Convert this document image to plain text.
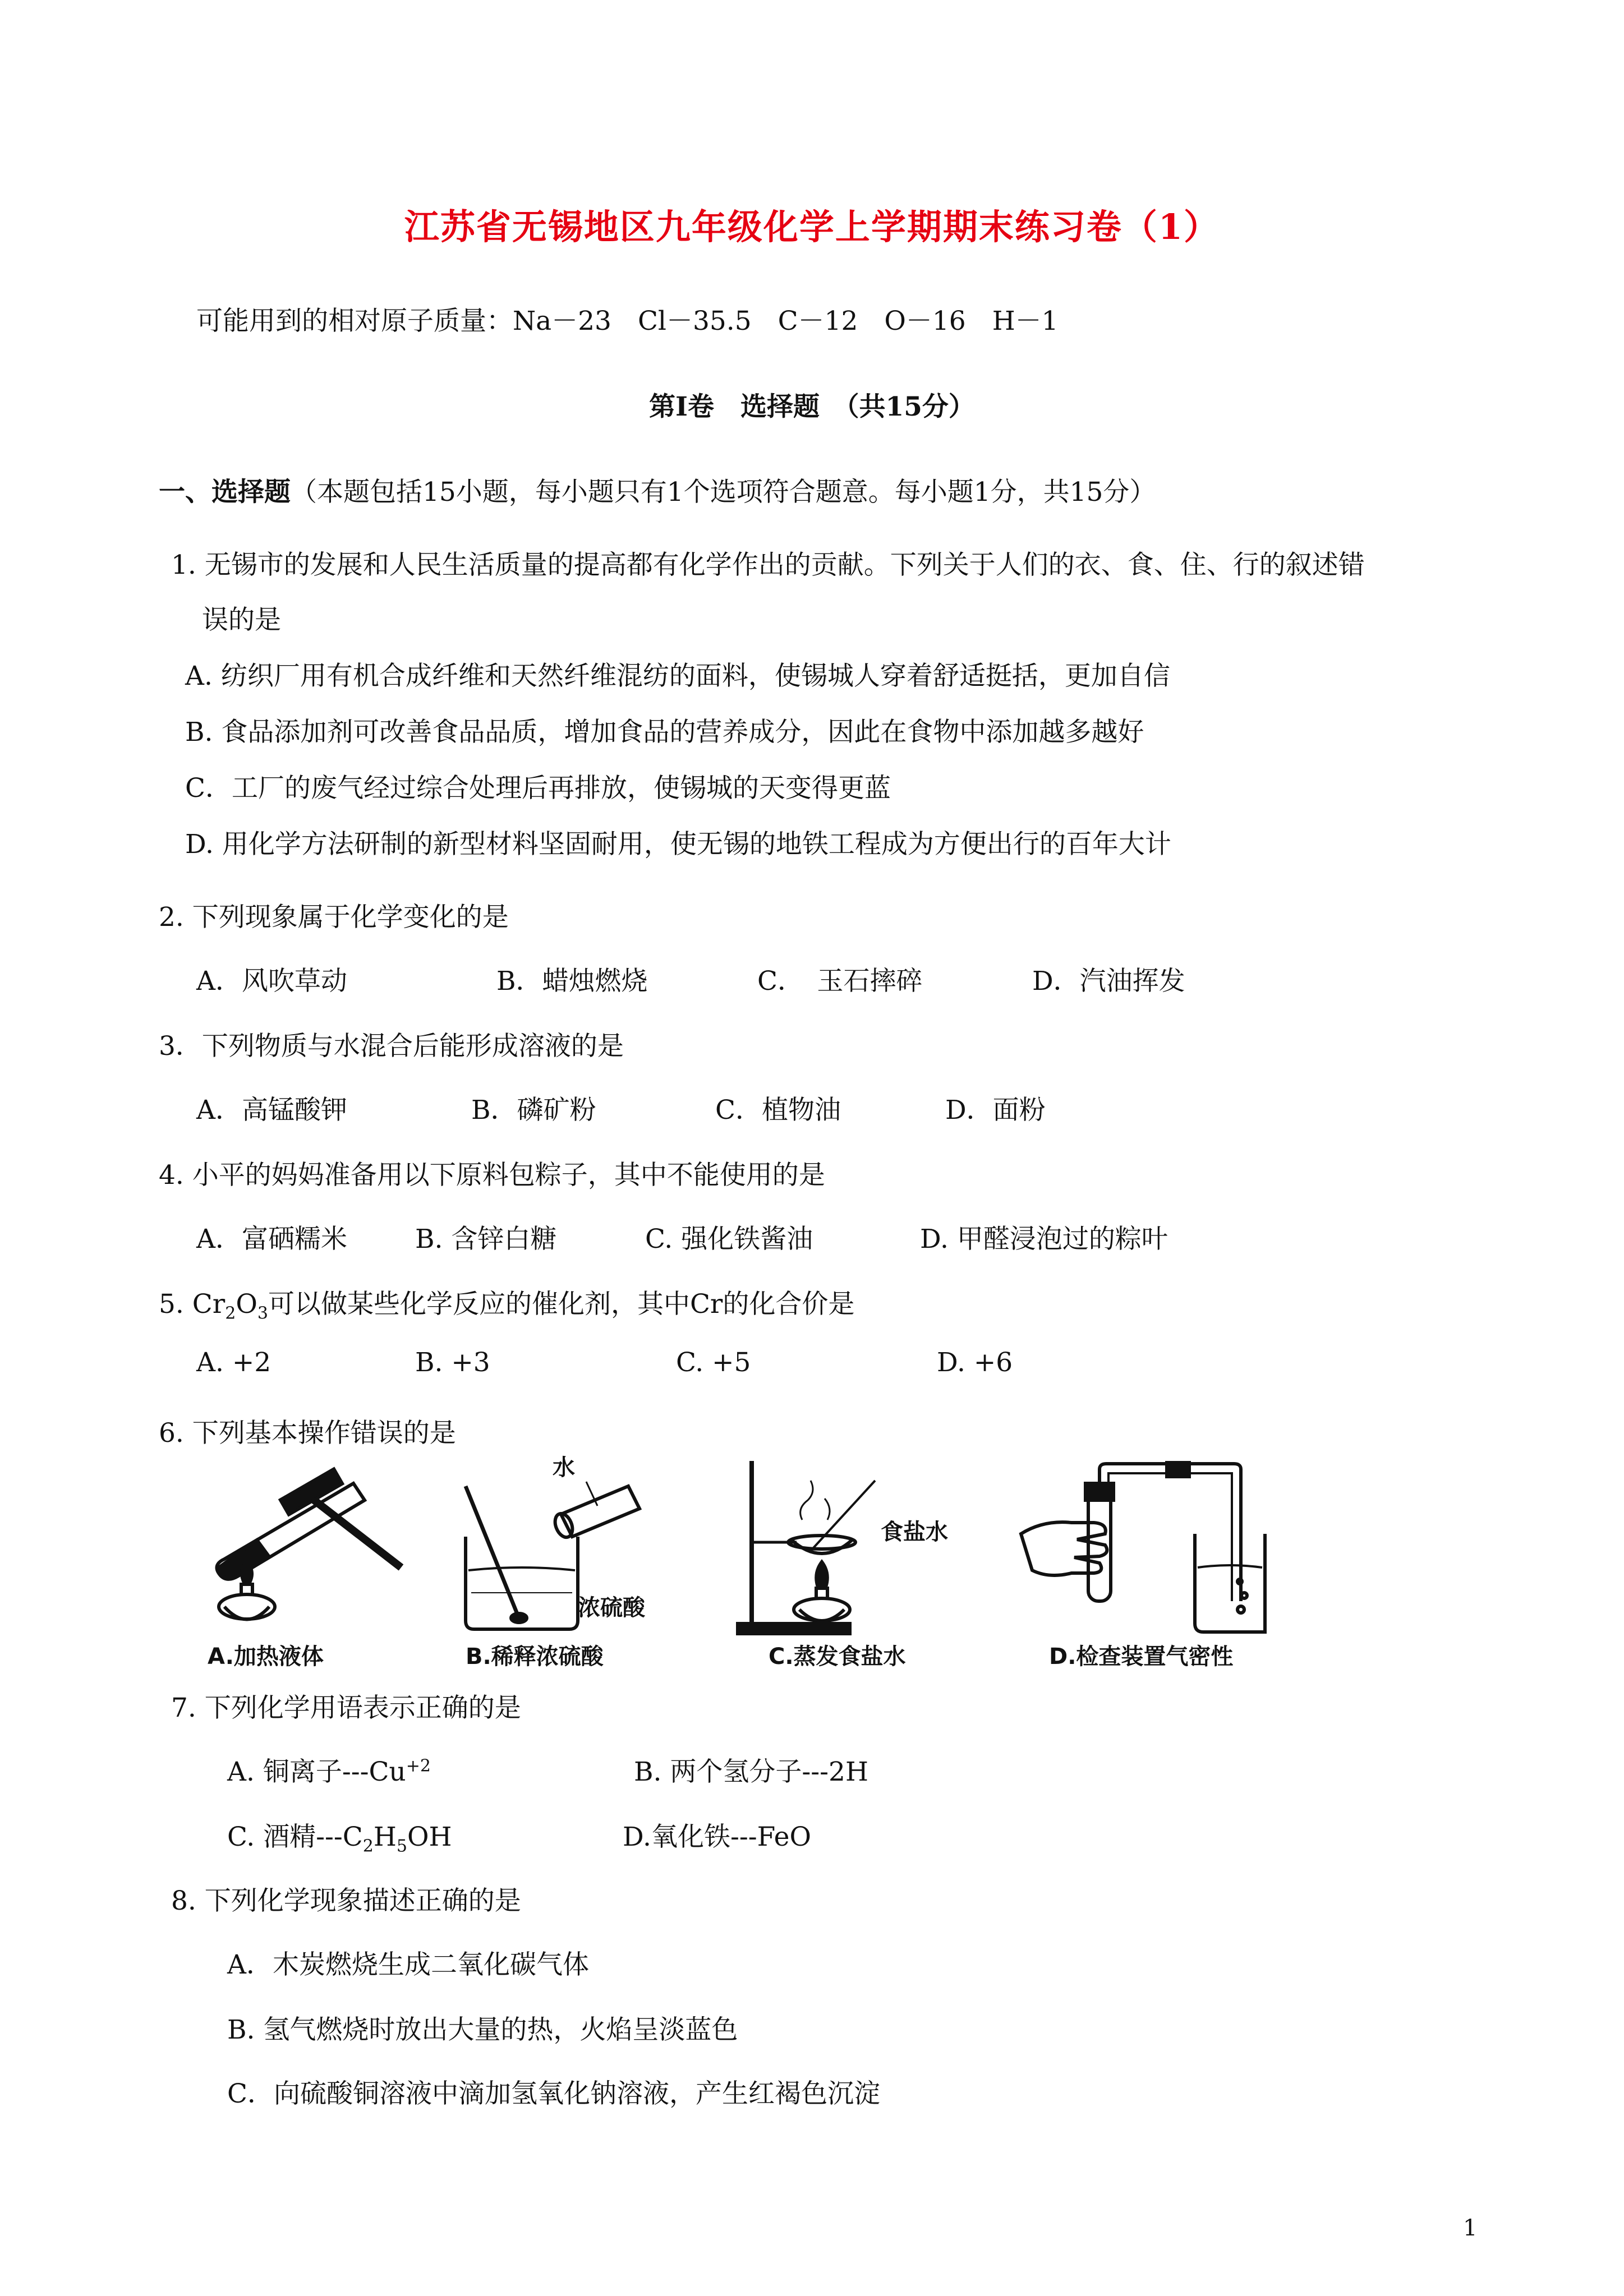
江苏省无锡地区九年级化学上学期期末练习卷（1）
可能用到的相对原子质量：Na－23　Cl－35.5　C－12　O－16　H－1
第Ⅰ卷　选择题　（共15分）
一、选择题（本题包括15小题，每小题只有1个选项符合题意。每小题1分，共15分）
1. 无锡市的发展和人民生活质量的提高都有化学作出的贡献。下列关于人们的衣、食、住、行的叙述错
误的是
A. 纺织厂用有机合成纤维和天然纤维混纺的面料，使锡城人穿着舒适挺括，更加自信
B. 食品添加剂可改善食品品质，增加食品的营养成分，因此在食物中添加越多越好
C．工厂的废气经过综合处理后再排放，使锡城的天变得更蓝
D. 用化学方法研制的新型材料坚固耐用，使无锡的地铁工程成为方便出行的百年大计
2. 下列现象属于化学变化的是
A．风吹草动	B．蜡烛燃烧	C．　玉石摔碎	D．汽油挥发
3．下列物质与水混合后能形成溶液的是
A．高锰酸钾	B．磷矿粉	C．植物油	D．面粉
4. 小平的妈妈准备用以下原料包粽子，其中不能使用的是
A．富硒糯米	B. 含锌白糖	C. 强化铁酱油	D. 甲醛浸泡过的粽叶
5. $Cr_2O_3$可以做某些化学反应的催化剂，其中Cr的化合价是
A. +2	B. +3	C. +5	D. +6
6. 下列基本操作错误的是
A.加热液体
水
浓硫酸
B.稀释浓硫酸
食盐水
C.蒸发食盐水	D.检查装置气密性
7. 下列化学用语表示正确的是
A. 铜离子$---Cu^{+2}$	B. 两个氢分子---2H
C. 酒精$---C_2H_5OH$	D.氧化铁---FeO
8. 下列化学现象描述正确的是
A．木炭燃烧生成二氧化碳气体
B. 氢气燃烧时放出大量的热，火焰呈淡蓝色
C．向硫酸铜溶液中滴加氢氧化钠溶液，产生红褐色沉淀
1
